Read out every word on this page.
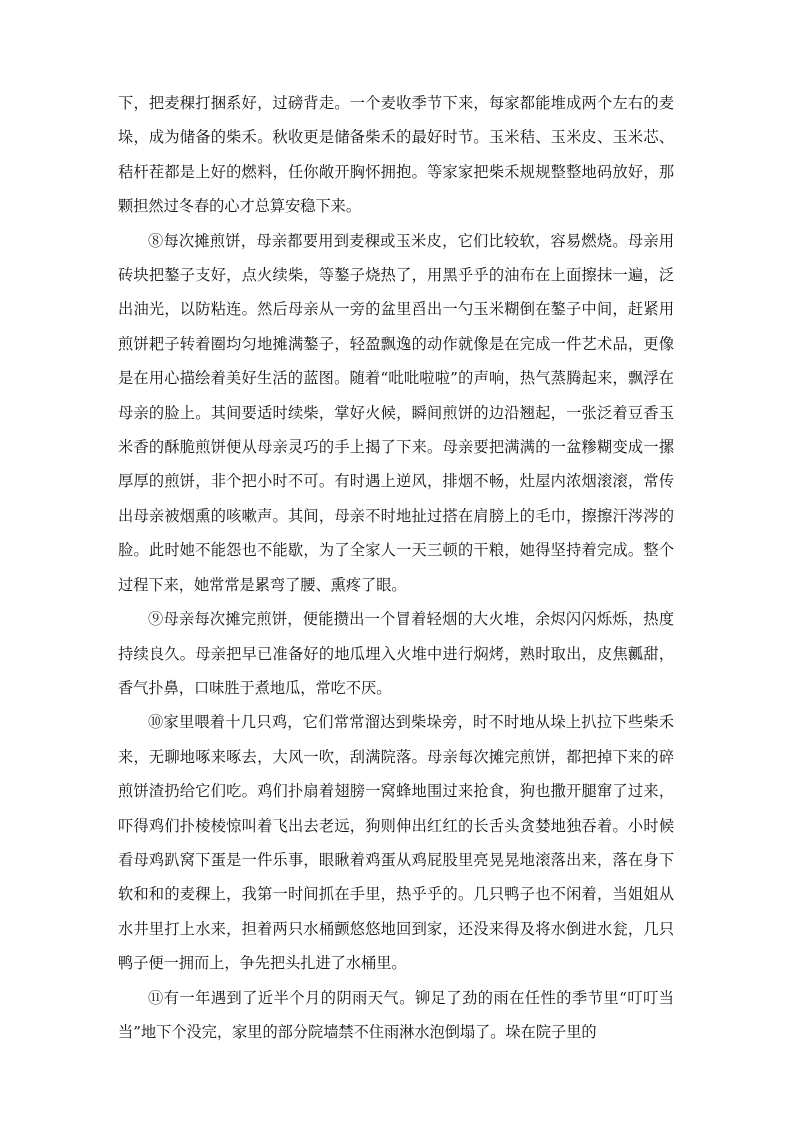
下，把麦稞打捆系好，过磅背走。一个麦收季节下来，每家都能堆成两个左右的麦垛，成为储备的柴禾。秋收更是储备柴禾的最好时节。玉米秸、玉米皮、玉米芯、秸杆茬都是上好的燃料，任你敞开胸怀拥抱。等家家把柴禾规规整整地码放好，那颗担然过冬春的心才总算安稳下来。

⑧每次摊煎饼，母亲都要用到麦稞或玉米皮，它们比较软，容易燃烧。母亲用砖块把鏊子支好，点火续柴，等鏊子烧热了，用黑乎乎的油布在上面擦抹一遍，泛出油光，以防粘连。然后母亲从一旁的盆里舀出一勺玉米糊倒在鏊子中间，赶紧用煎饼耙子转着圈均匀地摊满鏊子，轻盈飘逸的动作就像是在完成一件艺术品，更像是在用心描绘着美好生活的蓝图。随着“吡吡啦啦”的声响，热气蒸腾起来，飘浮在母亲的脸上。其间要适时续柴，掌好火候，瞬间煎饼的边沿翘起，一张泛着豆香玉米香的酥脆煎饼便从母亲灵巧的手上揭了下来。母亲要把满满的一盆糁糊变成一摞厚厚的煎饼，非个把小时不可。有时遇上逆风，排烟不畅，灶屋内浓烟滚滚，常传出母亲被烟熏的咳嗽声。其间，母亲不时地扯过搭在肩膀上的毛巾，擦擦汗涔涔的脸。此时她不能怨也不能歇，为了全家人一天三顿的干粮，她得坚持着完成。整个过程下来，她常常是累弯了腰、熏疼了眼。

⑨母亲每次摊完煎饼，便能攒出一个冒着轻烟的大火堆，余烬闪闪烁烁，热度持续良久。母亲把早已准备好的地瓜埋入火堆中进行焖烤，熟时取出，皮焦瓤甜，香气扑鼻，口味胜于煮地瓜，常吃不厌。

⑩家里喂着十几只鸡，它们常常溜达到柴垛旁，时不时地从垛上扒拉下些柴禾来，无聊地啄来啄去，大风一吹，刮满院落。母亲每次摊完煎饼，都把掉下来的碎煎饼渣扔给它们吃。鸡们扑扇着翅膀一窝蜂地围过来抢食，狗也撒开腿窜了过来，吓得鸡们扑棱棱惊叫着飞出去老远，狗则伸出红红的长舌头贪婪地独吞着。小时候看母鸡趴窝下蛋是一件乐事，眼瞅着鸡蛋从鸡屁股里亮晃晃地滚落出来，落在身下软和和的麦稞上，我第一时间抓在手里，热乎乎的。几只鸭子也不闲着，当姐姐从水井里打上水来，担着两只水桶颤悠悠地回到家，还没来得及将水倒进水瓮，几只鸭子便一拥而上，争先把头扎进了水桶里。

⑪有一年遇到了近半个月的阴雨天气。铆足了劲的雨在任性的季节里“叮叮当当”地下个没完，家里的部分院墙禁不住雨淋水泡倒塌了。垛在院子里的
